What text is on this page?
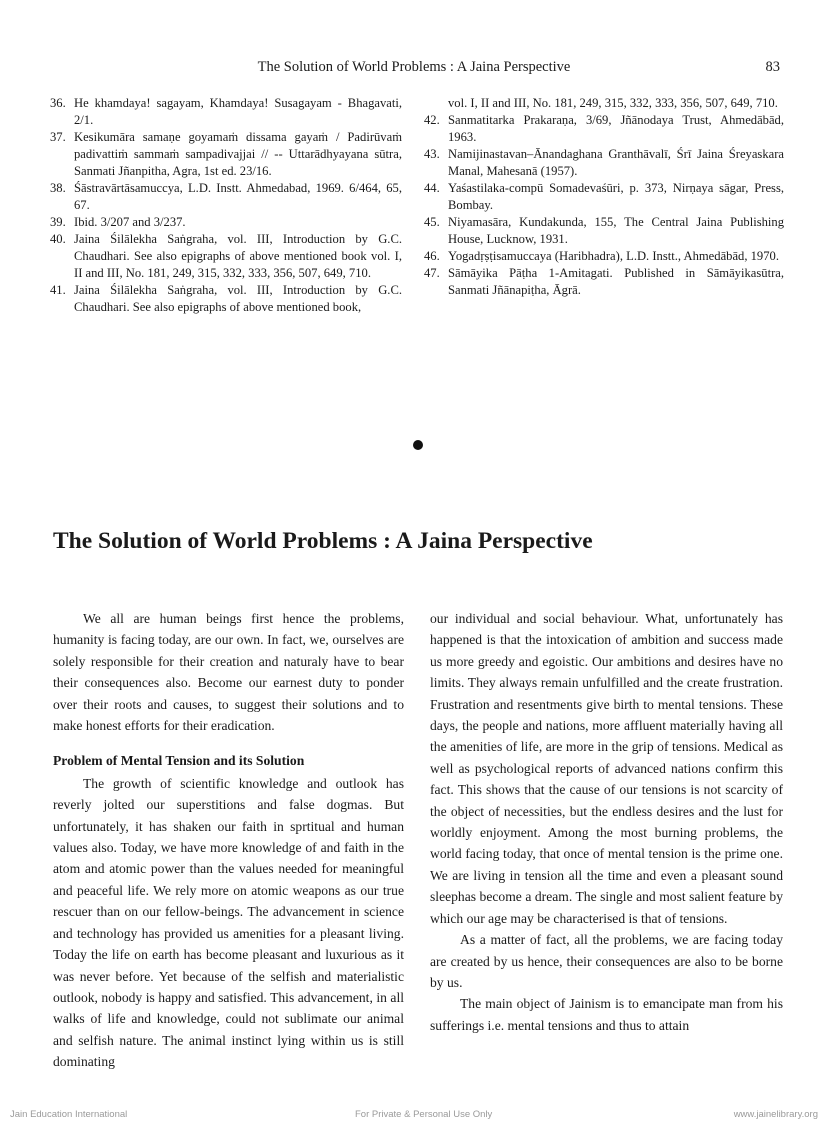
The Solution of World Problems : A Jaina Perspective	83
36. He khamdaya! sagayam, Khamdaya! Susagayam - Bhagavati, 2/1.
37. Kesikumāra samaṇe goyamaṁ dissama gayaṁ / Padirūvaṁ padivattiṁ sammaṁ sampadivajjai // -- Uttarādhyayana sūtra, Sanmati Jñanpitha, Agra, 1st ed. 23/16.
38. Śāstravārtāsamuccya, L.D. Instt. Ahmedabad, 1969. 6/464, 65, 67.
39. Ibid. 3/207 and 3/237.
40. Jaina Śilālekha Saṅgraha, vol. III, Introduction by G.C. Chaudhari. See also epigraphs of above mentioned book vol. I, II and III, No. 181, 249, 315, 332, 333, 356, 507, 649, 710.
41. Jaina Śilālekha Saṅgraha, vol. III, Introduction by G.C. Chaudhari. See also epigraphs of above mentioned book,
vol. I, II and III, No. 181, 249, 315, 332, 333, 356, 507, 649, 710.
42. Sanmatitarka Prakaraṇa, 3/69, Jñānodaya Trust, Ahmedābād, 1963.
43. Namijinastavan–Ānandaghana Granthāvalī, Śrī Jaina Śreyaskara Manal, Mahesanā (1957).
44. Yaśastilaka-compū Somadevaśūri, p. 373, Nirṇaya sāgar, Press, Bombay.
45. Niyamasāra, Kundakunda, 155, The Central Jaina Publishing House, Lucknow, 1931.
46. Yogadṛṣṭisamuccaya (Haribhadra), L.D. Instt., Ahmedābād, 1970.
47. Sāmāyika Pāṭha 1-Amitagati. Published in Sāmāyikasūtra, Sanmati Jñānapiṭha, Āgrā.
The Solution of World Problems : A Jaina Perspective

We all are human beings first hence the problems, humanity is facing today, are our own. In fact, we, ourselves are solely responsible for their creation and naturaly have to bear their consequences also. Become our earnest duty to ponder over their roots and causes, to suggest their solutions and to make honest efforts for their eradication.

Problem of Mental Tension and its Solution

The growth of scientific knowledge and outlook has reverly jolted our superstitions and false dogmas. But unfortunately, it has shaken our faith in sprtitual and human values also. Today, we have more knowledge of and faith in the atom and atomic power than the values needed for meaningful and peaceful life. We rely more on atomic weapons as our true rescuer than on our fellow-beings. The advancement in science and technology has provided us amenities for a pleasant living. Today the life on earth has become pleasant and luxurious as it was never before. Yet because of the selfish and materialistic outlook, nobody is happy and satisfied. This advancement, in all walks of life and knowledge, could not sublimate our animal and selfish nature. The animal instinct lying within us is still dominating

our individual and social behaviour. What, unfortunately has happened is that the intoxication of ambition and success made us more greedy and egoistic. Our ambitions and desires have no limits. They always remain unfulfilled and the create frustration. Frustration and resentments give birth to mental tensions. These days, the people and nations, more affluent materially having all the amenities of life, are more in the grip of tensions. Medical as well as psychological reports of advanced nations confirm this fact. This shows that the cause of our tensions is not scarcity of the object of necessities, but the endless desires and the lust for worldly enjoyment. Among the most burning problems, the world facing today, that once of mental tension is the prime one. We are living in tension all the time and even a pleasant sound sleephas become a dream. The single and most salient feature by which our age may be characterised is that of tensions.

As a matter of fact, all the problems, we are facing today are created by us hence, their consequences are also to be borne by us.

The main object of Jainism is to emancipate man from his sufferings i.e. mental tensions and thus to attain

Jain Education International	For Private & Personal Use Only	www.jainelibrary.org
